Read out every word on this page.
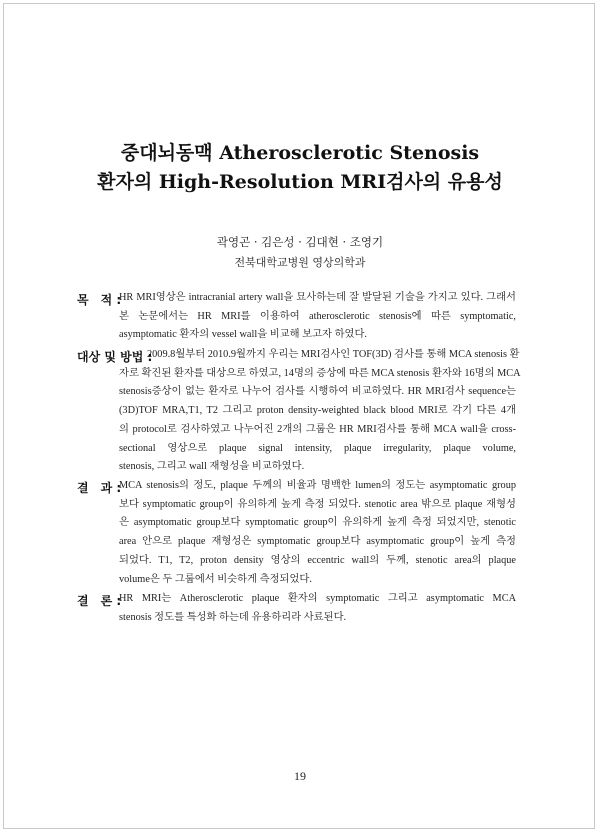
중대뇌동맥 Atherosclerotic Stenosis
환자의 High-Resolution MRI검사의 유용성
곽영곤 · 김은성 · 김대현 · 조영기
전북대학교병원 영상의학과
목　적 :
HR MRI영상은 intracranial artery wall을 묘사하는데 잘 발달된 기술을 가지고 있다. 그래서
본 논문에서는 HR MRI를 이용하여 atherosclerotic stenosis에 따른 symptomatic,
asymptomatic 환자의 vessel wall을 비교해 보고자 하였다.
대상 및 방법 :
2009.8월부터 2010.9월까지 우리는 MRI검사인 TOF(3D) 검사를 통해 MCA stenosis 환
자로 확진된 환자를 대상으로 하였고, 14명의 증상에 따른 MCA stenosis 환자와 16명의 MCA
stenosis증상이 없는 환자로 나누어 검사를 시행하여 비교하였다. HR MRI검사 sequence는
(3D)TOF MRA,T1, T2 그리고 proton density-weighted black blood MRI로 각기 다른 4개
의 protocol로 검사하였고 나누어진 2개의 그룹은 HR MRI검사를 통해 MCA wall을 cross-
sectional 영상으로 plaque signal intensity, plaque irregularity, plaque volume,
stenosis, 그리고 wall 재형성을 비교하였다.
결　과 :
MCA stenosis의 정도, plaque 두께의 비율과 명백한 lumen의 정도는 asymptomatic group
보다 symptomatic group이 유의하게 높게 측정 되었다. stenotic area 밖으로 plaque 재형성
은 asymptomatic group보다 symptomatic group이 유의하게 높게 측정 되었지만, stenotic
area 안으로 plaque 재형성은 symptomatic group보다 asymptomatic group이 높게 측정
되었다. T1, T2, proton density 영상의 eccentric wall의 두께, stenotic area의 plaque
volume은 두 그룹에서 비슷하게 측정되었다.
결　론 :
HR MRI는 Atherosclerotic plaque 환자의 symptomatic 그리고 asymptomatic MCA
stenosis 정도를 특성화 하는데 유용하리라 사료된다.
19
